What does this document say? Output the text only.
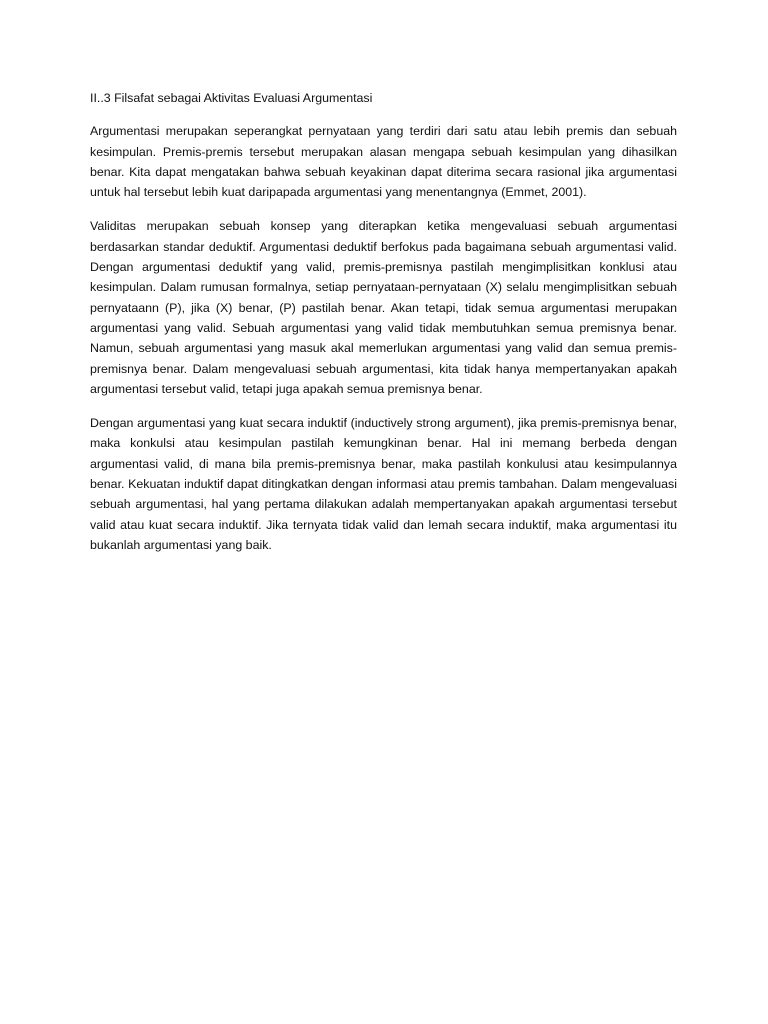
II..3 Filsafat sebagai Aktivitas Evaluasi Argumentasi

Argumentasi merupakan seperangkat pernyataan yang terdiri dari satu atau lebih premis dan sebuah kesimpulan. Premis-premis tersebut merupakan alasan mengapa sebuah kesimpulan yang dihasilkan benar. Kita dapat mengatakan bahwa sebuah keyakinan dapat diterima secara rasional jika argumentasi untuk hal tersebut lebih kuat daripapada argumentasi yang menentangnya (Emmet, 2001).

Validitas merupakan sebuah konsep yang diterapkan ketika mengevaluasi sebuah argumentasi berdasarkan standar deduktif. Argumentasi deduktif berfokus pada bagaimana sebuah argumentasi valid. Dengan argumentasi deduktif yang valid, premis-premisnya pastilah mengimplisitkan konklusi atau kesimpulan. Dalam rumusan formalnya, setiap pernyataan-pernyataan (X) selalu mengimplisitkan sebuah pernyataann (P), jika (X) benar, (P) pastilah benar. Akan tetapi, tidak semua argumentasi merupakan argumentasi yang valid. Sebuah argumentasi yang valid tidak membutuhkan semua premisnya benar. Namun, sebuah argumentasi yang masuk akal memerlukan argumentasi yang valid dan semua premis-premisnya benar. Dalam mengevaluasi sebuah argumentasi, kita tidak hanya mempertanyakan apakah argumentasi tersebut valid, tetapi juga apakah semua premisnya benar.

Dengan argumentasi yang kuat secara induktif (inductively strong argument), jika premis-premisnya benar, maka konkulsi atau kesimpulan pastilah kemungkinan benar. Hal ini memang berbeda dengan argumentasi valid, di mana bila premis-premisnya benar, maka pastilah konkulusi atau kesimpulannya benar. Kekuatan induktif dapat ditingkatkan dengan informasi atau premis tambahan. Dalam mengevaluasi sebuah argumentasi, hal yang pertama dilakukan adalah mempertanyakan apakah argumentasi tersebut valid atau kuat secara induktif. Jika ternyata tidak valid dan lemah secara induktif, maka argumentasi itu bukanlah argumentasi yang baik.
